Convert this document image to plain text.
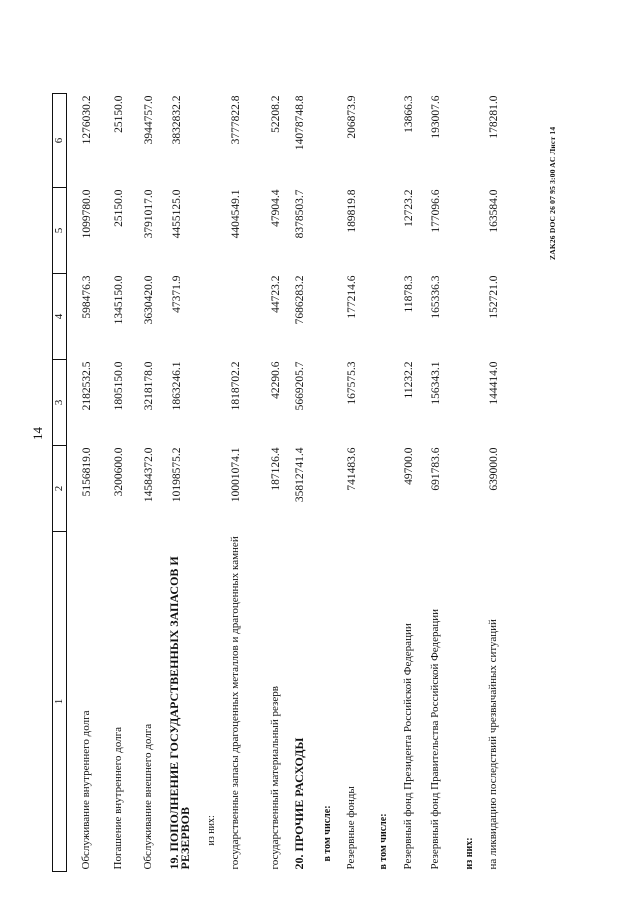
14
1	2	3	4	5	6
Обслуживание внутреннего долга	5156819.0	2182532.5	598476.3	1099780.0	1276030.2
Погашение внутреннего долга	3200600.0	1805150.0	1345150.0	25150.0	25150.0
Обслуживание внешнего долга	14584372.0	3218178.0	3630420.0	3791017.0	3944757.0
19. ПОПОЛНЕНИЕ ГОСУДАРСТВЕННЫХ ЗАПАСОВ И РЕЗЕРВОВ	10198575.2	1863246.1	47371.9	4455125.0	3832832.2
из них:					
государственные запасы драгоценных металлов и драгоценных камней	10001074.1	1818702.2		4404549.1	3777822.8
государственный материальный резерв	187126.4	42290.6	44723.2	47904.4	52208.2
20. ПРОЧИЕ РАСХОДЫ	35812741.4	5669205.7	7686283.2	8378503.7	14078748.8
в том числе:					
Резервные фонды	741483.6	167575.3	177214.6	189819.8	206873.9
в том числе:					
Резервный фонд Президента Российской Федерации	49700.0	11232.2	11878.3	12723.2	13866.3
Резервный фонд Правительства Российской Федерации	691783.6	156343.1	165336.3	177096.6	193007.6
из них:					
на ликвидацию последствий чрезвычайных ситуаций	639000.0	144414.0	152721.0	163584.0	178281.0
ZAK26 DOC 26 07 95 3:00 AC Лист 14
